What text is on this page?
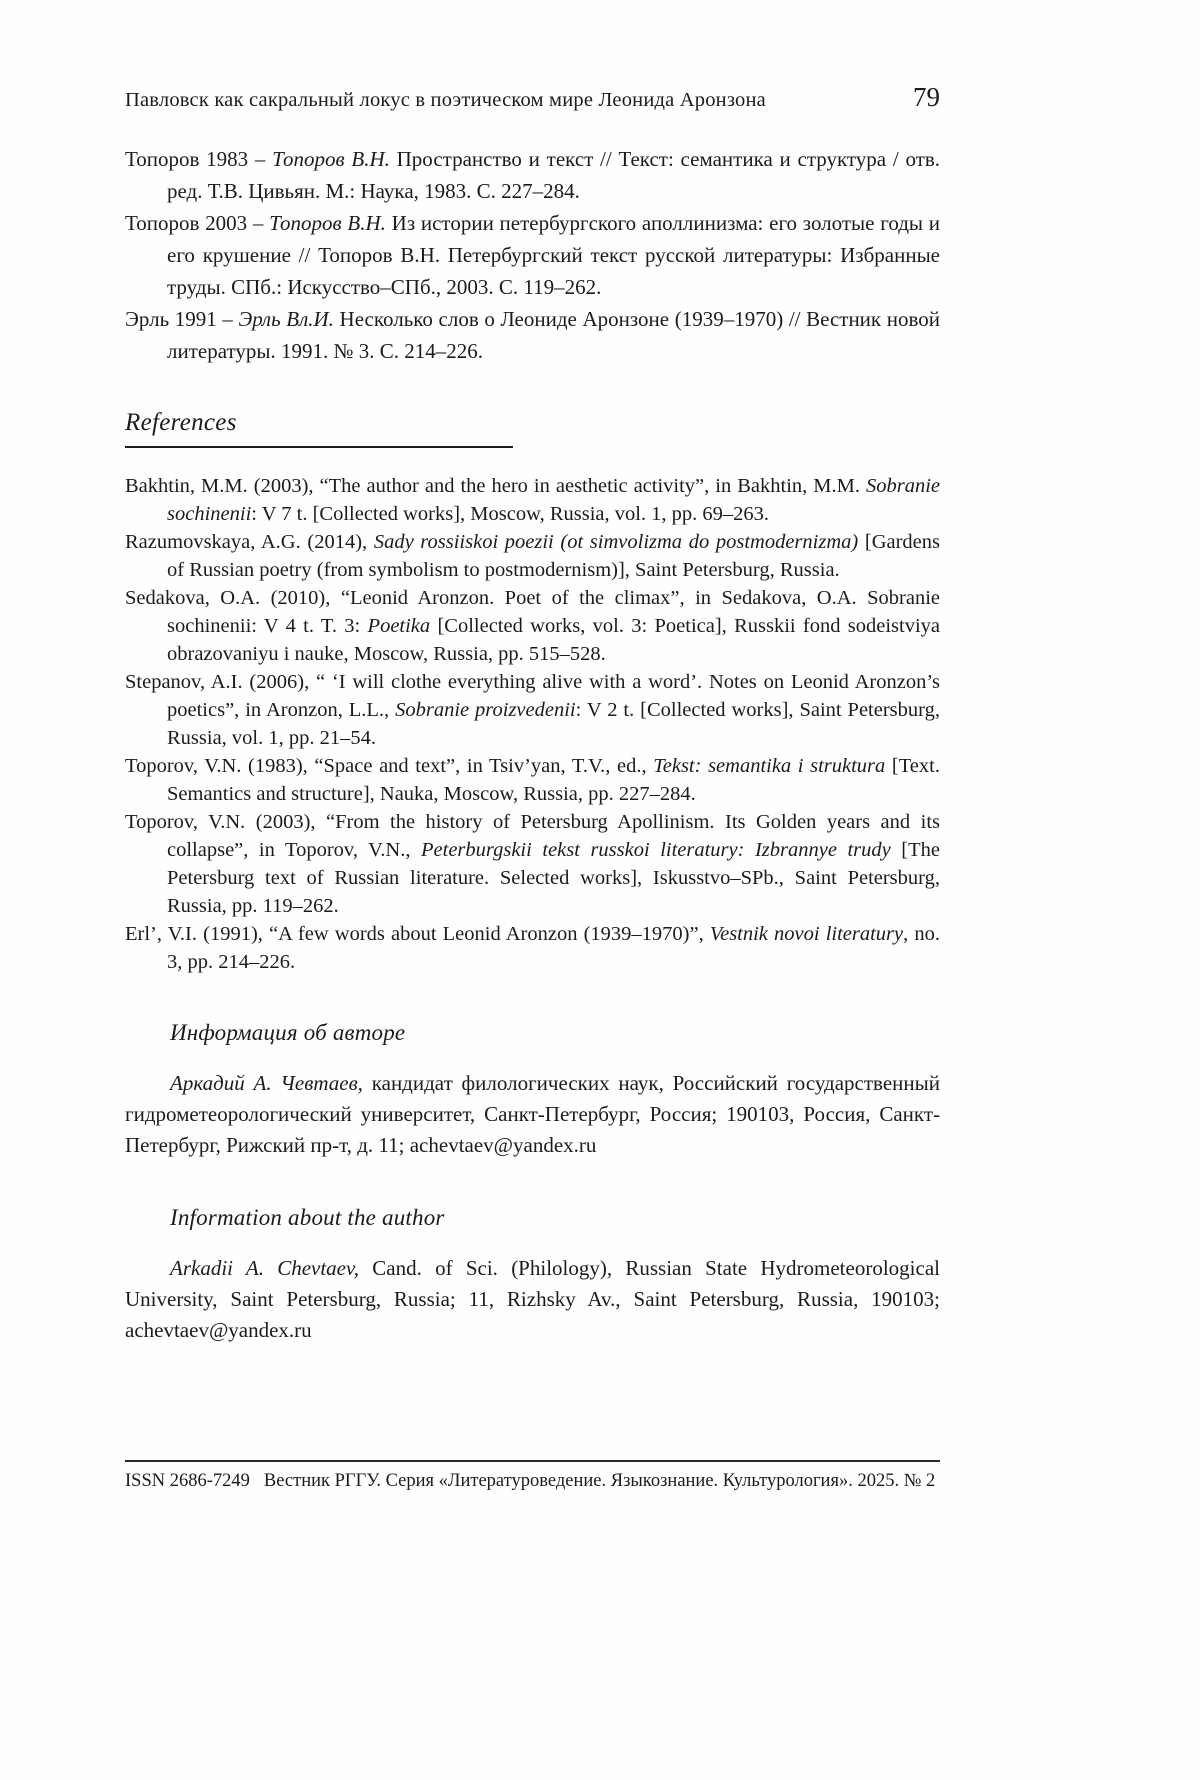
Павловск как сакральный локус в поэтическом мире Леонида Аронзона	79

Топоров 1983 – Топоров В.Н. Пространство и текст // Текст: семантика и структура / отв. ред. Т.В. Цивьян. М.: Наука, 1983. С. 227–284.

Топоров 2003 – Топоров В.Н. Из истории петербургского аполлинизма: его золотые годы и его крушение // Топоров В.Н. Петербургский текст русской литературы: Избранные труды. СПб.: Искусство–СПб., 2003. С. 119–262.

Эрль 1991 – Эрль Вл.И. Несколько слов о Леониде Аронзоне (1939–1970) // Вестник новой литературы. 1991. № 3. С. 214–226.

References

Bakhtin, M.M. (2003), “The author and the hero in aesthetic activity”, in Bakhtin, M.M. Sobranie sochinenii: V 7 t. [Collected works], Moscow, Russia, vol. 1, pp. 69–263.

Razumovskaya, A.G. (2014), Sady rossiiskoi poezii (ot simvolizma do postmodernizma) [Gardens of Russian poetry (from symbolism to postmodernism)], Saint Petersburg, Russia.

Sedakova, O.A. (2010), “Leonid Aronzon. Poet of the climax”, in Sedakova, O.A. Sobranie sochinenii: V 4 t. T. 3: Poetika [Collected works, vol. 3: Poetica], Russkii fond sodeistviya obrazovaniyu i nauke, Moscow, Russia, pp. 515–528.

Stepanov, A.I. (2006), “ ‘I will clothe everything alive with a word’. Notes on Leonid Aronzon’s poetics”, in Aronzon, L.L., Sobranie proizvedenii: V 2 t. [Collected works], Saint Petersburg, Russia, vol. 1, pp. 21–54.

Toporov, V.N. (1983), “Space and text”, in Tsiv’yan, T.V., ed., Tekst: semantika i struktura [Text. Semantics and structure], Nauka, Moscow, Russia, pp. 227–284.

Toporov, V.N. (2003), “From the history of Petersburg Apollinism. Its Golden years and its collapse”, in Toporov, V.N., Peterburgskii tekst russkoi literatury: Izbrannye trudy [The Petersburg text of Russian literature. Selected works], Iskusstvo–SPb., Saint Petersburg, Russia, pp. 119–262.

Erl’, V.I. (1991), “A few words about Leonid Aronzon (1939–1970)”, Vestnik novoi literatury, no. 3, pp. 214–226.

Информация об авторе

Аркадий А. Чевтаев, кандидат филологических наук, Российский государственный гидрометеорологический университет, Санкт-Петербург, Россия; 190103, Россия, Санкт-Петербург, Рижский пр-т, д. 11; achevtaev@yandex.ru

Information about the author

Arkadii A. Chevtaev, Cand. of Sci. (Philology), Russian State Hydrometeorological University, Saint Petersburg, Russia; 11, Rizhsky Av., Saint Petersburg, Russia, 190103; achevtaev@yandex.ru

ISSN 2686-7249 Вестник РГГУ. Серия «Литературоведение. Языкознание. Культурология». 2025. № 2
